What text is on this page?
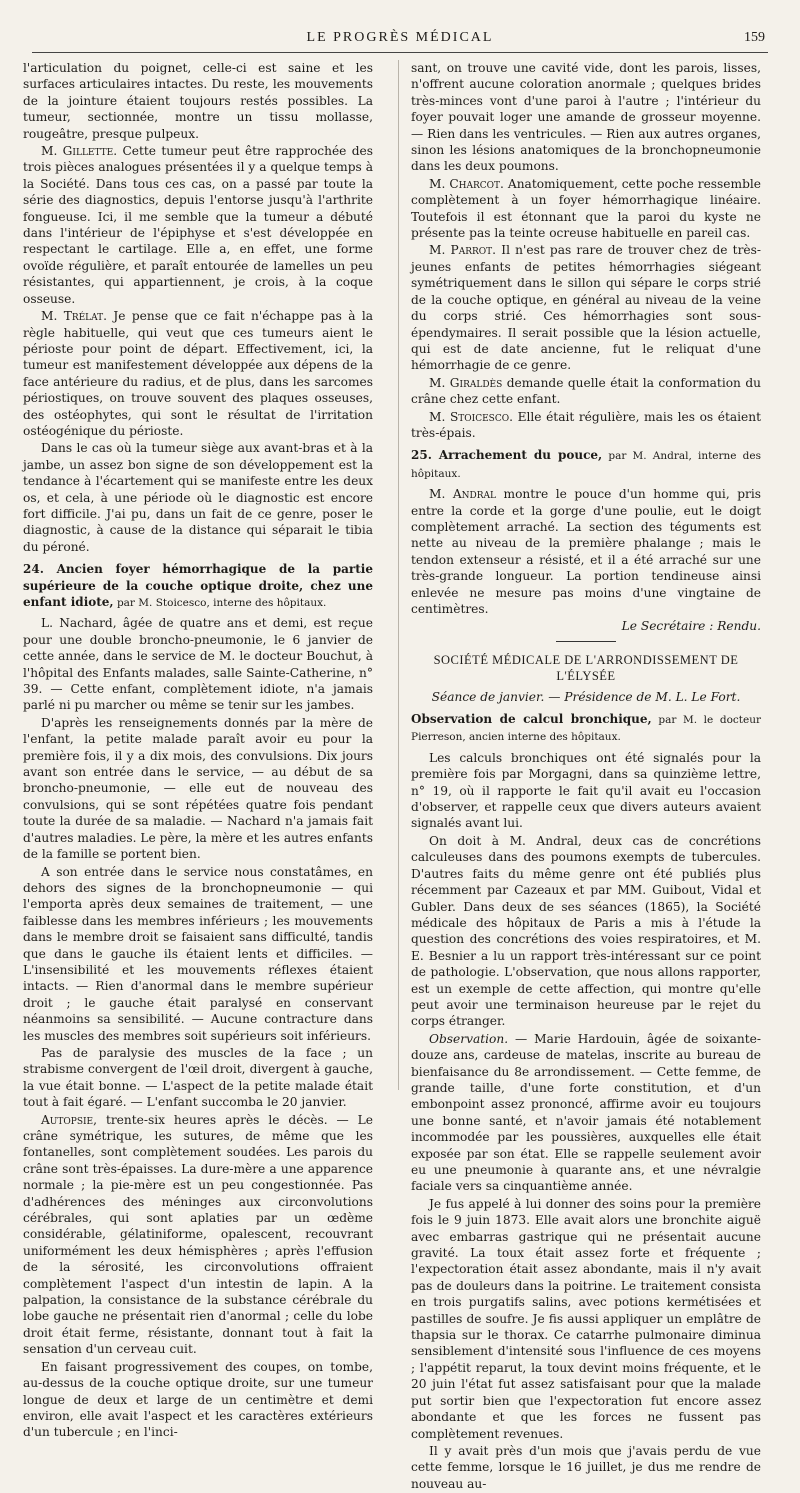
LE PROGRÈS MÉDICAL	159

l'articulation du poignet, celle-ci est saine et les surfaces articulaires intactes. Du reste, les mouvements de la jointure étaient toujours restés possibles. La tumeur, sectionnée, montre un tissu mollasse, rougeâtre, presque pulpeux.

M. Gillette. Cette tumeur peut être rapprochée des trois pièces analogues présentées il y a quelque temps à la Société. Dans tous ces cas, on a passé par toute la série des diagnostics, depuis l'entorse jusqu'à l'arthrite fongueuse. Ici, il me semble que la tumeur a débuté dans l'intérieur de l'épiphyse et s'est développée en respectant le cartilage. Elle a, en effet, une forme ovoïde régulière, et paraît entourée de lamelles un peu résistantes, qui appartiennent, je crois, à la coque osseuse.

M. Trélat. Je pense que ce fait n'échappe pas à la règle habituelle, qui veut que ces tumeurs aient le périoste pour point de départ. Effectivement, ici, la tumeur est manifestement développée aux dépens de la face antérieure du radius, et de plus, dans les sarcomes périostiques, on trouve souvent des plaques osseuses, des ostéophytes, qui sont le résultat de l'irritation ostéogénique du périoste.

Dans le cas où la tumeur siège aux avant-bras et à la jambe, un assez bon signe de son développement est la tendance à l'écartement qui se manifeste entre les deux os, et cela, à une période où le diagnostic est encore fort difficile. J'ai pu, dans un fait de ce genre, poser le diagnostic, à cause de la distance qui séparait le tibia du péroné.

24. Ancien foyer hémorrhagique de la partie supérieure de la couche optique droite, chez une enfant idiote, par M. Stoicesco, interne des hôpitaux.

L. Nachard, âgée de quatre ans et demi, est reçue pour une double broncho-pneumonie, le 6 janvier de cette année, dans le service de M. le docteur Bouchut, à l'hôpital des Enfants malades, salle Sainte-Catherine, n° 39. — Cette enfant, complètement idiote, n'a jamais parlé ni pu marcher ou même se tenir sur les jambes.

D'après les renseignements donnés par la mère de l'enfant, la petite malade paraît avoir eu pour la première fois, il y a dix mois, des convulsions. Dix jours avant son entrée dans le service, — au début de sa broncho-pneumonie, — elle eut de nouveau des convulsions, qui se sont répétées quatre fois pendant toute la durée de sa maladie. — Nachard n'a jamais fait d'autres maladies. Le père, la mère et les autres enfants de la famille se portent bien.

A son entrée dans le service nous constatâmes, en dehors des signes de la bronchopneumonie — qui l'emporta après deux semaines de traitement, — une faiblesse dans les membres inférieurs ; les mouvements dans le membre droit se faisaient sans difficulté, tandis que dans le gauche ils étaient lents et difficiles. — L'insensibilité et les mouvements réflexes étaient intacts. — Rien d'anormal dans le membre supérieur droit ; le gauche était paralysé en conservant néanmoins sa sensibilité. — Aucune contracture dans les muscles des membres soit supérieurs soit inférieurs.

Pas de paralysie des muscles de la face ; un strabisme convergent de l'œil droit, divergent à gauche, la vue était bonne. — L'aspect de la petite malade était tout à fait égaré. — L'enfant succomba le 20 janvier.

Autopsie, trente-six heures après le décès. — Le crâne symétrique, les sutures, de même que les fontanelles, sont complètement soudées. Les parois du crâne sont très-épaisses. La dure-mère a une apparence normale ; la pie-mère est un peu congestionnée. Pas d'adhérences des méninges aux circonvolutions cérébrales, qui sont aplaties par un œdème considérable, gélatiniforme, opalescent, recouvrant uniformément les deux hémisphères ; après l'effusion de la sérosité, les circonvolutions offraient complètement l'aspect d'un intestin de lapin. A la palpation, la consistance de la substance cérébrale du lobe gauche ne présentait rien d'anormal ; celle du lobe droit était ferme, résistante, donnant tout à fait la sensation d'un cerveau cuit.

En faisant progressivement des coupes, on tombe, au-dessus de la couche optique droite, sur une tumeur longue de deux et large de un centimètre et demi environ, elle avait l'aspect et les caractères extérieurs d'un tubercule ; en l'inci-

sant, on trouve une cavité vide, dont les parois, lisses, n'offrent aucune coloration anormale ; quelques brides très-minces vont d'une paroi à l'autre ; l'intérieur du foyer pouvait loger une amande de grosseur moyenne. — Rien dans les ventricules. — Rien aux autres organes, sinon les lésions anatomiques de la bronchopneumonie dans les deux poumons.

M. Charcot. Anatomiquement, cette poche ressemble complètement à un foyer hémorrhagique linéaire. Toutefois il est étonnant que la paroi du kyste ne présente pas la teinte ocreuse habituelle en pareil cas.

M. Parrot. Il n'est pas rare de trouver chez de très-jeunes enfants de petites hémorrhagies siégeant symétriquement dans le sillon qui sépare le corps strié de la couche optique, en général au niveau de la veine du corps strié. Ces hémorrhagies sont sous-épendymaires. Il serait possible que la lésion actuelle, qui est de date ancienne, fut le reliquat d'une hémorrhagie de ce genre.

M. Giraldès demande quelle était la conformation du crâne chez cette enfant.

M. Stoicesco. Elle était régulière, mais les os étaient très-épais.

25. Arrachement du pouce, par M. Andral, interne des hôpitaux.

M. Andral montre le pouce d'un homme qui, pris entre la corde et la gorge d'une poulie, eut le doigt complètement arraché. La section des téguments est nette au niveau de la première phalange ; mais le tendon extenseur a résisté, et il a été arraché sur une très-grande longueur. La portion tendineuse ainsi enlevée ne mesure pas moins d'une vingtaine de centimètres.

Le Secrétaire : Rendu.

SOCIÉTÉ MÉDICALE DE L'ARRONDISSEMENT DE L'ÉLYSÉE

Séance de janvier. — Présidence de M. L. Le Fort.

Observation de calcul bronchique, par M. le docteur Pierreson, ancien interne des hôpitaux.

Les calculs bronchiques ont été signalés pour la première fois par Morgagni, dans sa quinzième lettre, n° 19, où il rapporte le fait qu'il avait eu l'occasion d'observer, et rappelle ceux que divers auteurs avaient signalés avant lui.

On doit à M. Andral, deux cas de concrétions calculeuses dans des poumons exempts de tubercules. D'autres faits du même genre ont été publiés plus récemment par Cazeaux et par MM. Guibout, Vidal et Gubler. Dans deux de ses séances (1865), la Société médicale des hôpitaux de Paris a mis à l'étude la question des concrétions des voies respiratoires, et M. E. Besnier a lu un rapport très-intéressant sur ce point de pathologie. L'observation, que nous allons rapporter, est un exemple de cette affection, qui montre qu'elle peut avoir une terminaison heureuse par le rejet du corps étranger.

Observation. — Marie Hardouin, âgée de soixante-douze ans, cardeuse de matelas, inscrite au bureau de bienfaisance du 8e arrondissement. — Cette femme, de grande taille, d'une forte constitution, et d'un embonpoint assez prononcé, affirme avoir eu toujours une bonne santé, et n'avoir jamais été notablement incommodée par les poussières, auxquelles elle était exposée par son état. Elle se rappelle seulement avoir eu une pneumonie à quarante ans, et une névralgie faciale vers sa cinquantième année.

Je fus appelé à lui donner des soins pour la première fois le 9 juin 1873. Elle avait alors une bronchite aiguë avec embarras gastrique qui ne présentait aucune gravité. La toux était assez forte et fréquente ; l'expectoration était assez abondante, mais il n'y avait pas de douleurs dans la poitrine. Le traitement consista en trois purgatifs salins, avec potions kermétisées et pastilles de soufre. Je fis aussi appliquer un emplâtre de thapsia sur le thorax. Ce catarrhe pulmonaire diminua sensiblement d'intensité sous l'influence de ces moyens ; l'appétit reparut, la toux devint moins fréquente, et le 20 juin l'état fut assez satisfaisant pour que la malade put sortir bien que l'expectoration fut encore assez abondante et que les forces ne fussent pas complètement revenues.

Il y avait près d'un mois que j'avais perdu de vue cette femme, lorsque le 16 juillet, je dus me rendre de nouveau au-
